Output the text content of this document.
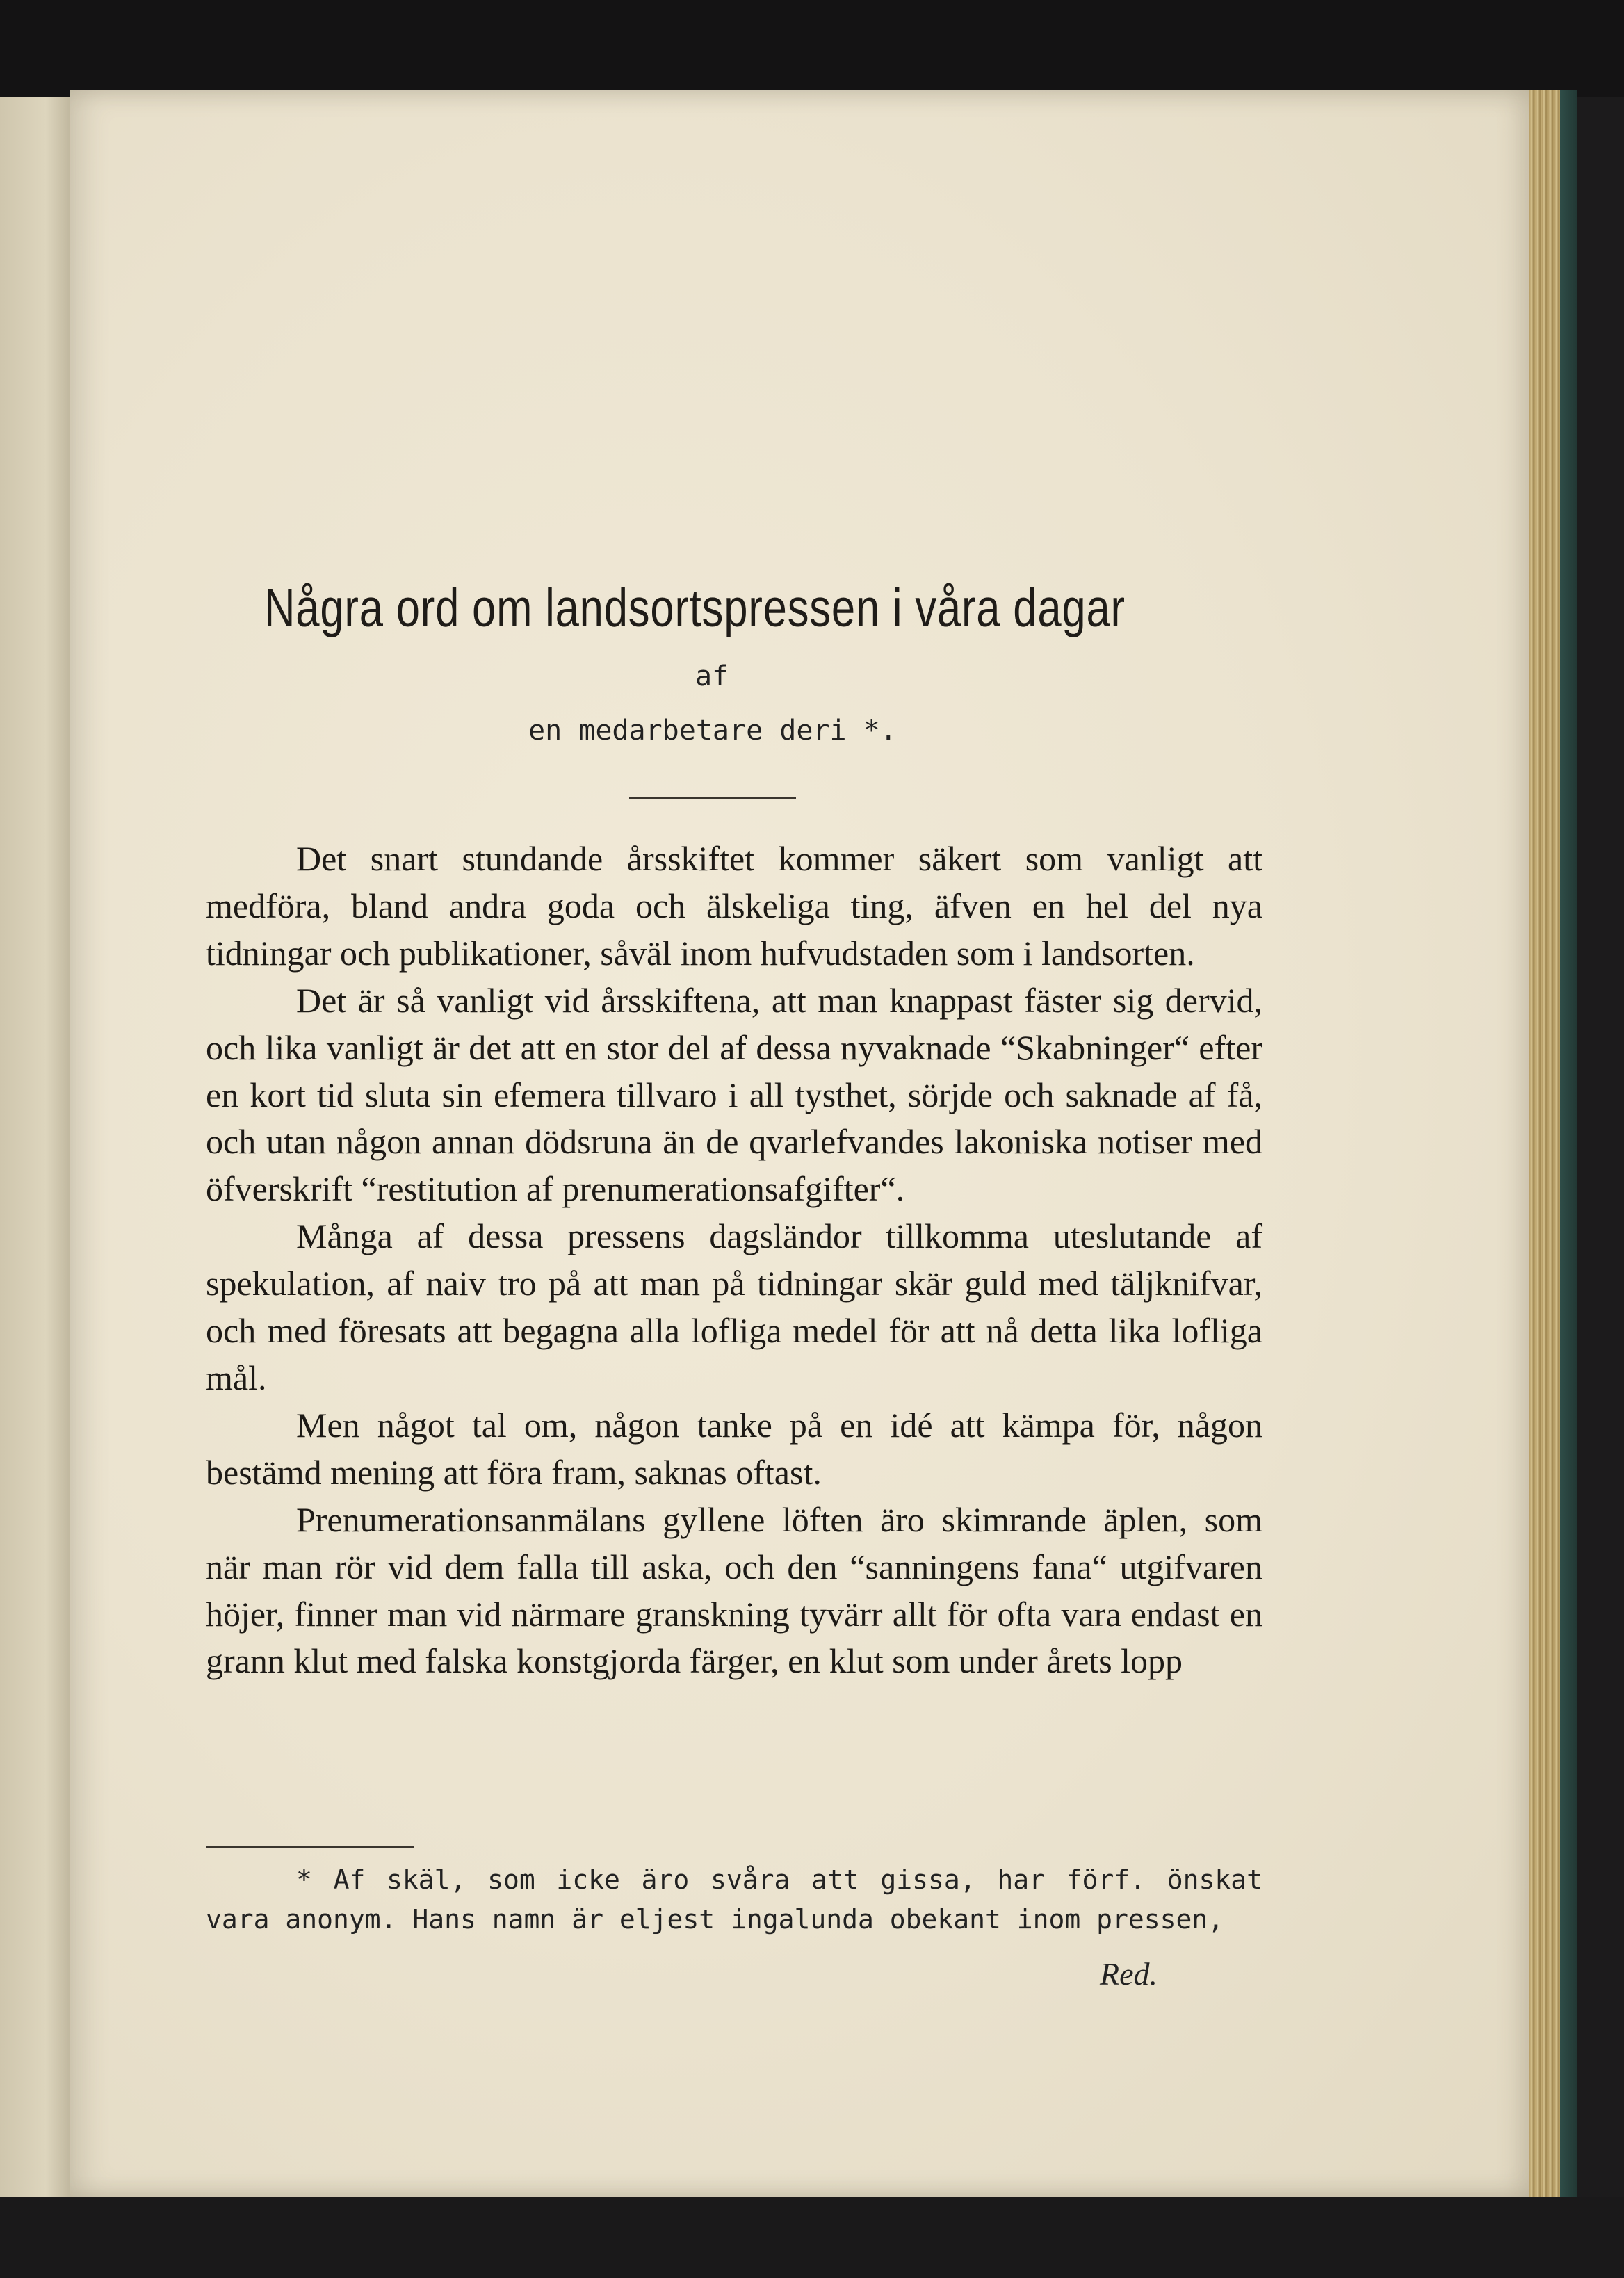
Några ord om landsortspressen i våra dagar
af
en medarbetare deri *.

Det snart stundande årsskiftet kommer säkert som vanligt att medföra, bland andra goda och älskeliga ting, äfven en hel del nya tidningar och publikationer, såväl inom hufvudstaden som i landsorten.

Det är så vanligt vid årsskiftena, att man knappast fäster sig dervid, och lika vanligt är det att en stor del af dessa nyvaknade “Skabninger“ efter en kort tid sluta sin efemera tillvaro i all tysthet, sörjde och saknade af få, och utan någon annan dödsruna än de qvarlefvandes lakoniska notiser med öfverskrift “restitution af prenumerationsafgifter“.

Många af dessa pressens dagsländor tillkomma uteslutande af spekulation, af naiv tro på att man på tidningar skär guld med täljknifvar, och med föresats att begagna alla lofliga medel för att nå detta lika lofliga mål.

Men något tal om, någon tanke på en idé att kämpa för, någon bestämd mening att föra fram, saknas oftast.

Prenumerationsanmälans gyllene löften äro skimrande äplen, som när man rör vid dem falla till aska, och den “sanningens fana“ utgifvaren höjer, finner man vid närmare granskning tyvärr allt för ofta vara endast en grann klut med falska konstgjorda färger, en klut som under årets lopp

* Af skäl, som icke äro svåra att gissa, har förf. önskat vara anonym. Hans namn är eljest ingalunda obekant inom pressen,

Red.
